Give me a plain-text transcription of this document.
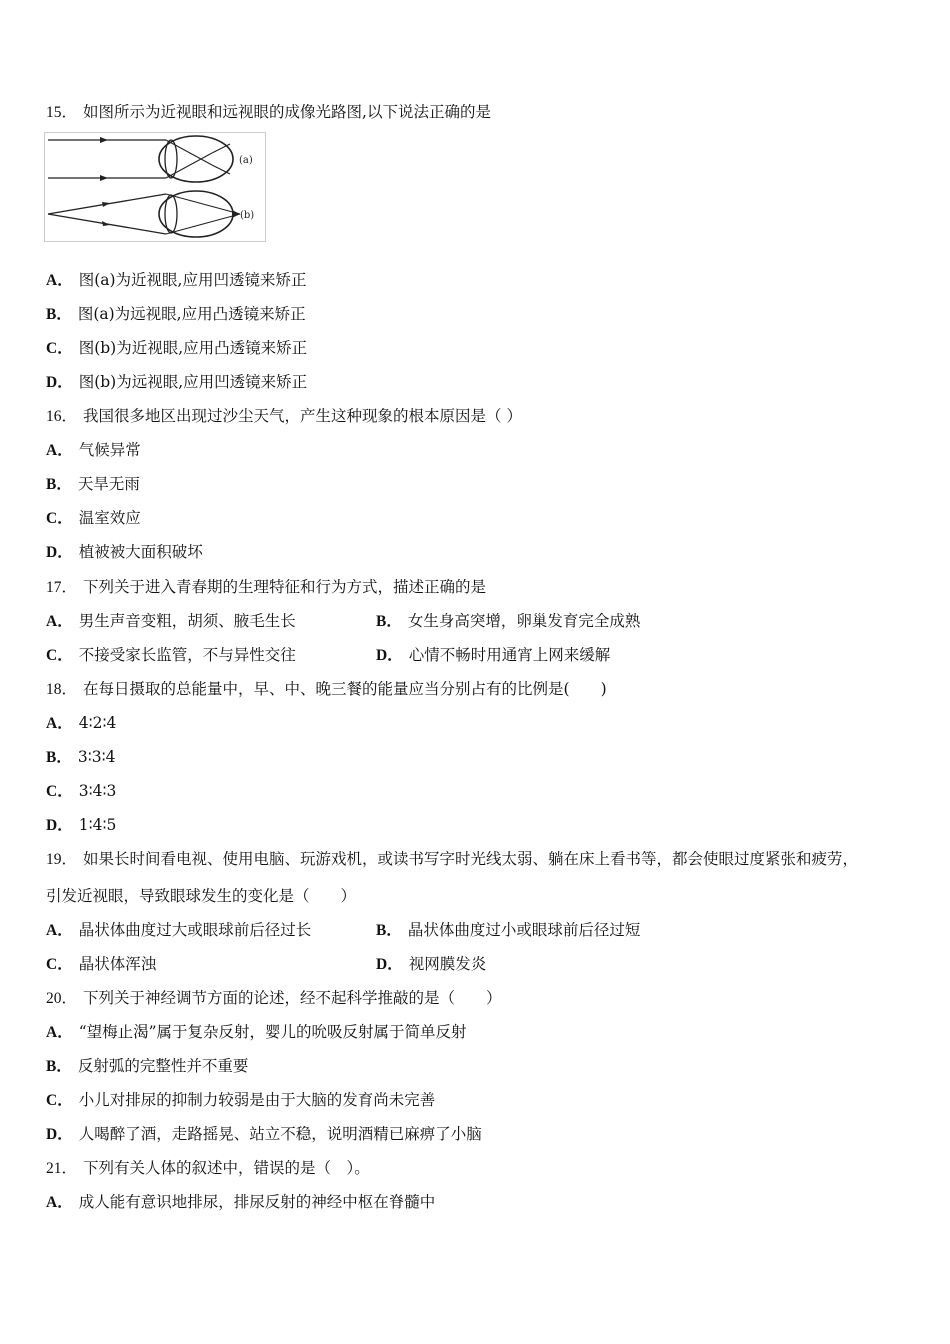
15． 如图所示为近视眼和远视眼的成像光路图,以下说法正确的是
(a)
(b)
A． 图(a)为近视眼,应用凹透镜来矫正
B． 图(a)为远视眼,应用凸透镜来矫正
C． 图(b)为近视眼,应用凸透镜来矫正
D． 图(b)为远视眼,应用凹透镜来矫正
16． 我国很多地区出现过沙尘天气，产生这种现象的根本原因是（ ）
A． 气候异常
B． 天旱无雨
C． 温室效应
D． 植被被大面积破坏
17． 下列关于进入青春期的生理特征和行为方式，描述正确的是
A． 男生声音变粗，胡须、腋毛生长	B． 女生身高突增，卵巢发育完全成熟
C． 不接受家长监管，不与异性交往	D． 心情不畅时用通宵上网来缓解
18． 在每日摄取的总能量中，早、中、晚三餐的能量应当分别占有的比例是(　　)
A． 4∶2∶4
B． 3∶3∶4
C． 3∶4∶3
D． 1∶4∶5
19． 如果长时间看电视、使用电脑、玩游戏机，或读书写字时光线太弱、躺在床上看书等，都会使眼过度紧张和疲劳，
引发近视眼，导致眼球发生的变化是（　　）
A． 晶状体曲度过大或眼球前后径过长	B． 晶状体曲度过小或眼球前后径过短
C． 晶状体浑浊	D． 视网膜发炎
20． 下列关于神经调节方面的论述，经不起科学推敲的是（　　）
A． “望梅止渴”属于复杂反射，婴儿的吮吸反射属于简单反射
B． 反射弧的完整性并不重要
C． 小儿对排尿的抑制力较弱是由于大脑的发育尚未完善
D． 人喝醉了酒，走路摇晃、站立不稳，说明酒精已麻痹了小脑
21． 下列有关人体的叙述中，错误的是（　）。
A． 成人能有意识地排尿，排尿反射的神经中枢在脊髓中
